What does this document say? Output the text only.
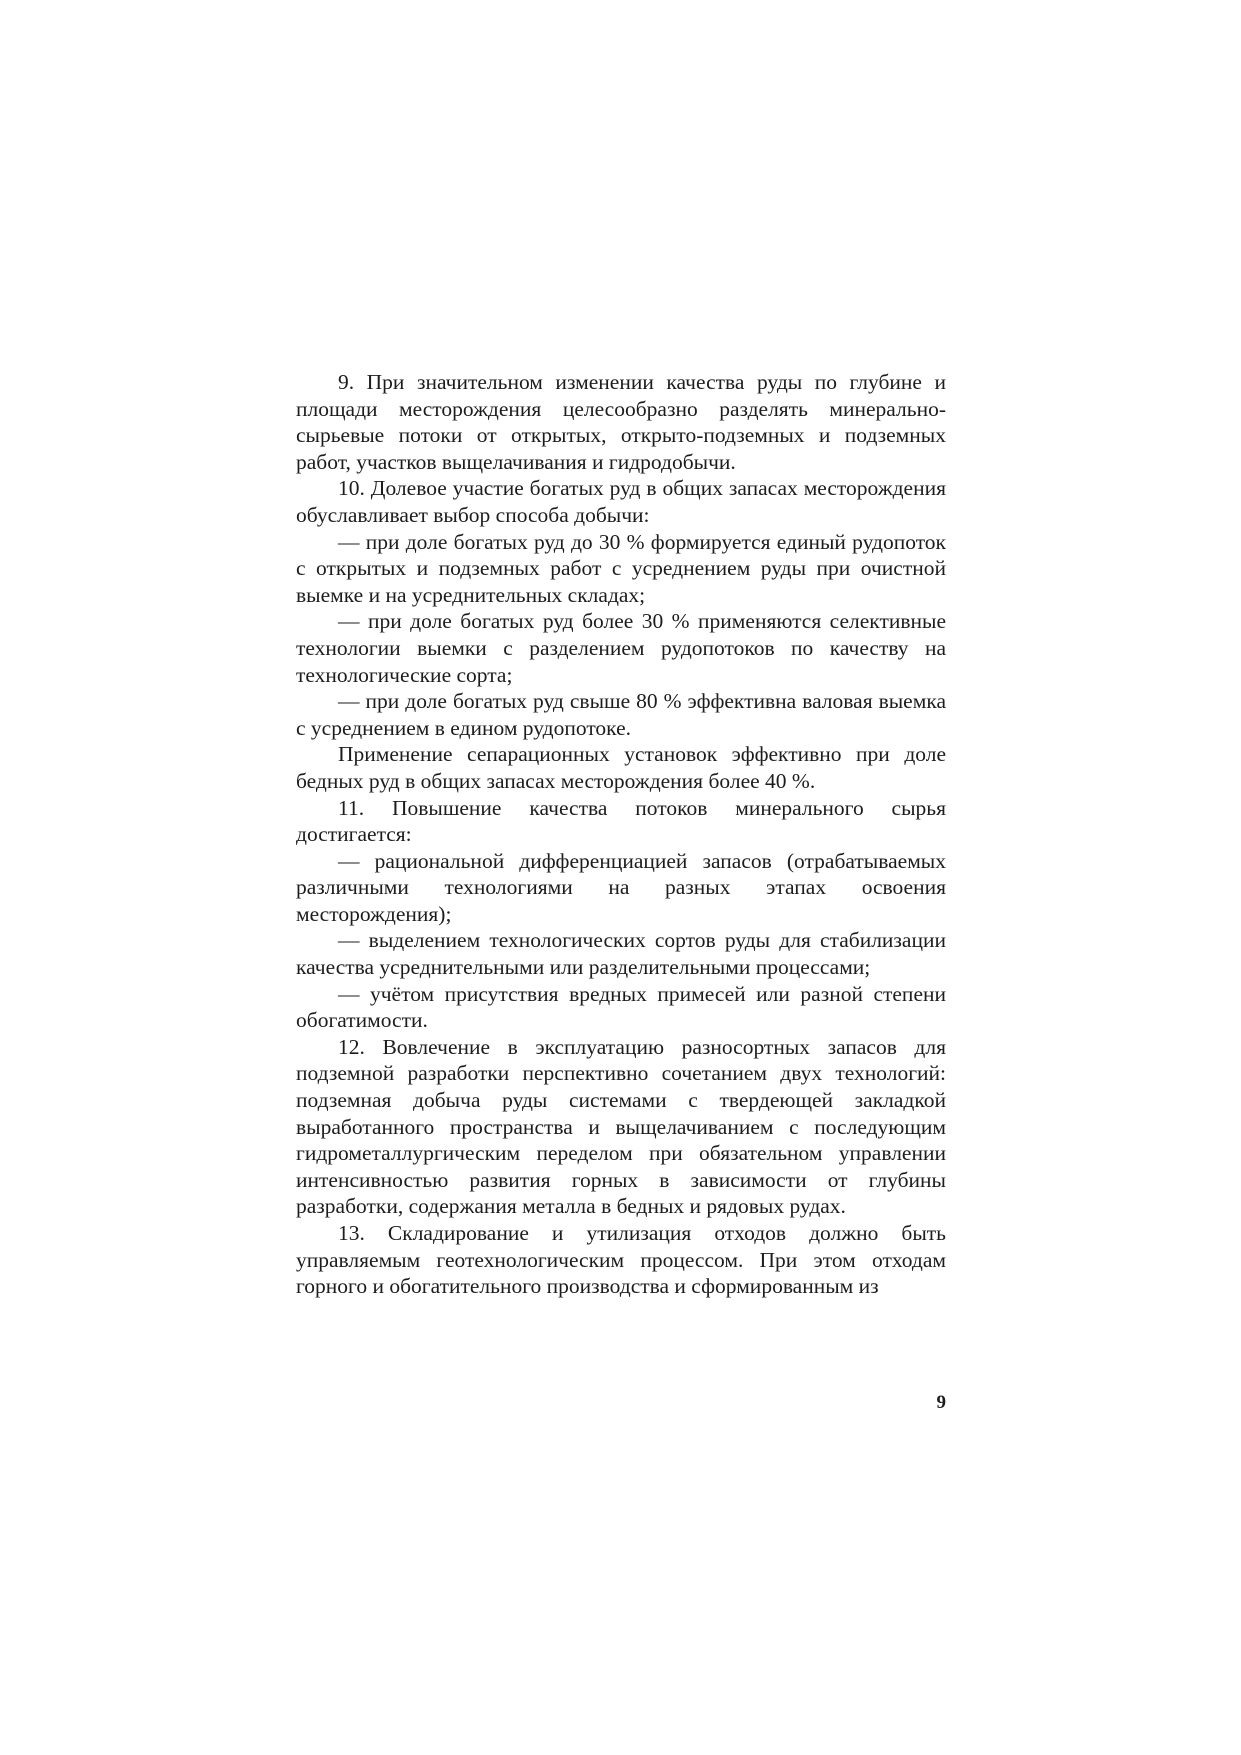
9. При значительном изменении качества руды по глубине и площади месторождения целесообразно разделять минерально-сырьевые потоки от открытых, открыто-подземных и подземных работ, участков выщелачивания и гидродобычи.

10. Долевое участие богатых руд в общих запасах месторождения обуславливает выбор способа добычи:

— при доле богатых руд до 30 % формируется единый рудопоток с открытых и подземных работ с усреднением руды при очистной выемке и на усреднительных складах;

— при доле богатых руд более 30 % применяются селективные технологии выемки с разделением рудопотоков по качеству на технологические сорта;

— при доле богатых руд свыше 80 % эффективна валовая выемка с усреднением в едином рудопотоке.

Применение сепарационных установок эффективно при доле бедных руд в общих запасах месторождения более 40 %.

11. Повышение качества потоков минерального сырья достигается:

— рациональной дифференциацией запасов (отрабатываемых различными технологиями на разных этапах освоения месторождения);

— выделением технологических сортов руды для стабилизации качества усреднительными или разделительными процессами;

— учётом присутствия вредных примесей или разной степени обогатимости.

12. Вовлечение в эксплуатацию разносортных запасов для подземной разработки перспективно сочетанием двух технологий: подземная добыча руды системами с твердеющей закладкой выработанного пространства и выщелачиванием с последующим гидрометаллургическим переделом при обязательном управлении интенсивностью развития горных в зависимости от глубины разработки, содержания металла в бедных и рядовых рудах.

13. Складирование и утилизация отходов должно быть управляемым геотехнологическим процессом. При этом отходам горного и обогатительного производства и сформированным из

9
